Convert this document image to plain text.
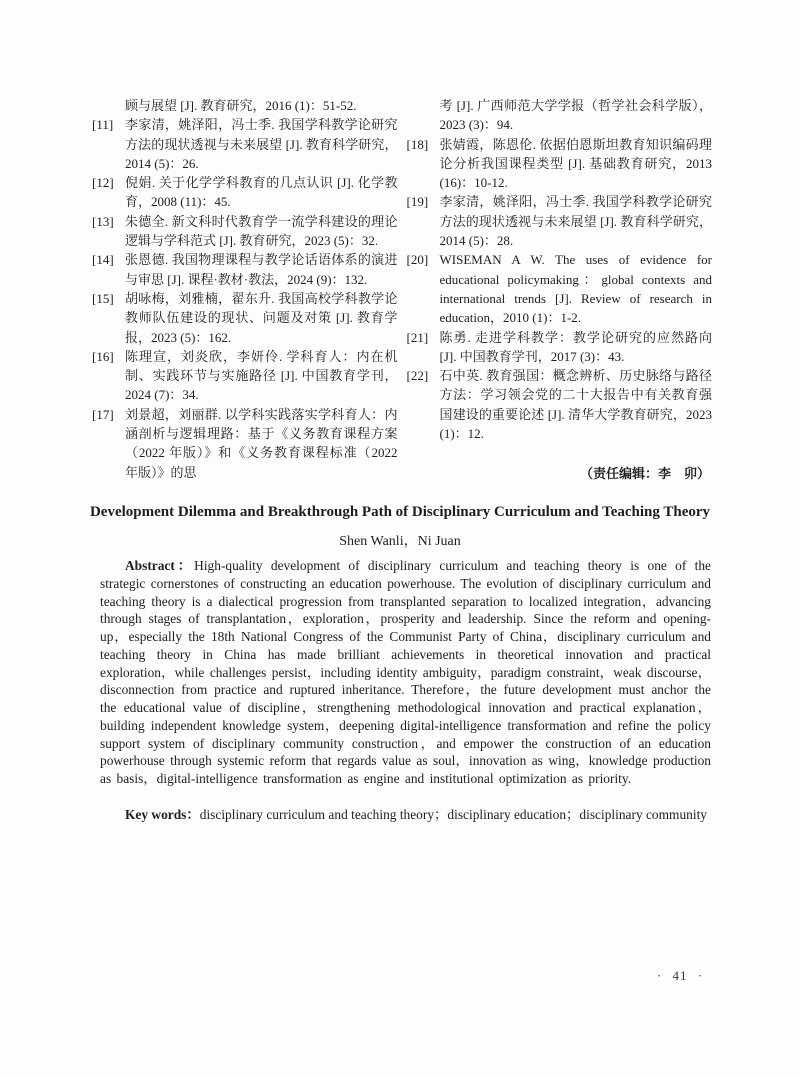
顾与展望 [J]. 教育研究，2016 (1)：51-52.
[11] 李家清，姚泽阳，冯士季. 我国学科教学论研究方法的现状透视与未来展望 [J]. 教育科学研究，2014 (5)：26.
[12] 倪娟. 关于化学学科教育的几点认识 [J]. 化学教育，2008 (11)：45.
[13] 朱德全. 新文科时代教育学一流学科建设的理论逻辑与学科范式 [J]. 教育研究，2023 (5)：32.
[14] 张恩德. 我国物理课程与教学论话语体系的演进与审思 [J]. 课程·教材·教法，2024 (9)：132.
[15] 胡咏梅，刘雅楠，翟东升. 我国高校学科教学论教师队伍建设的现状、问题及对策 [J]. 教育学报，2023 (5)：162.
[16] 陈理宣，刘炎欣，李妍伶. 学科育人：内在机制、实践环节与实施路径 [J]. 中国教育学刊，2024 (7)：34.
[17] 刘景超，刘丽群. 以学科实践落实学科育人：内涵剖析与逻辑理路：基于《义务教育课程方案（2022 年版）》和《义务教育课程标准（2022 年版）》的思
考 [J]. 广西师范大学学报（哲学社会科学版），2023 (3)：94.
[18] 张婧霞，陈恩伦. 依据伯恩斯坦教育知识编码理论分析我国课程类型 [J]. 基础教育研究，2013 (16)：10-12.
[19] 李家清，姚泽阳，冯士季. 我国学科教学论研究方法的现状透视与未来展望 [J]. 教育科学研究，2014 (5)：28.
[20] WISEMAN A W. The uses of evidence for educational policymaking：global contexts and international trends [J]. Review of research in education，2010 (1)：1-2.
[21] 陈勇. 走进学科教学：教学论研究的应然路向 [J]. 中国教育学刊，2017 (3)：43.
[22] 石中英. 教育强国：概念辨析、历史脉络与路径方法：学习领会党的二十大报告中有关教育强国建设的重要论述 [J]. 清华大学教育研究，2023 (1)：12.
（责任编辑：李　卯）
Development Dilemma and Breakthrough Path of Disciplinary Curriculum and Teaching Theory
Shen Wanli，Ni Juan

Abstract：High-quality development of disciplinary curriculum and teaching theory is one of the strategic cornerstones of constructing an education powerhouse. The evolution of disciplinary curriculum and teaching theory is a dialectical progression from transplanted separation to localized integration，advancing through stages of transplantation，exploration，prosperity and leadership. Since the reform and opening-up，especially the 18th National Congress of the Communist Party of China，disciplinary curriculum and teaching theory in China has made brilliant achievements in theoretical innovation and practical exploration，while challenges persist，including identity ambiguity，paradigm constraint，weak discourse，disconnection from practice and ruptured inheritance. Therefore，the future development must anchor the the educational value of discipline，strengthening methodological innovation and practical explanation，building independent knowledge system，deepening digital-intelligence transformation and refine the policy support system of disciplinary community construction，and empower the construction of an education powerhouse through systemic reform that regards value as soul，innovation as wing，knowledge production as basis，digital-intelligence transformation as engine and institutional optimization as priority.

Key words：disciplinary curriculum and teaching theory；disciplinary education；disciplinary community

· 41 ·
